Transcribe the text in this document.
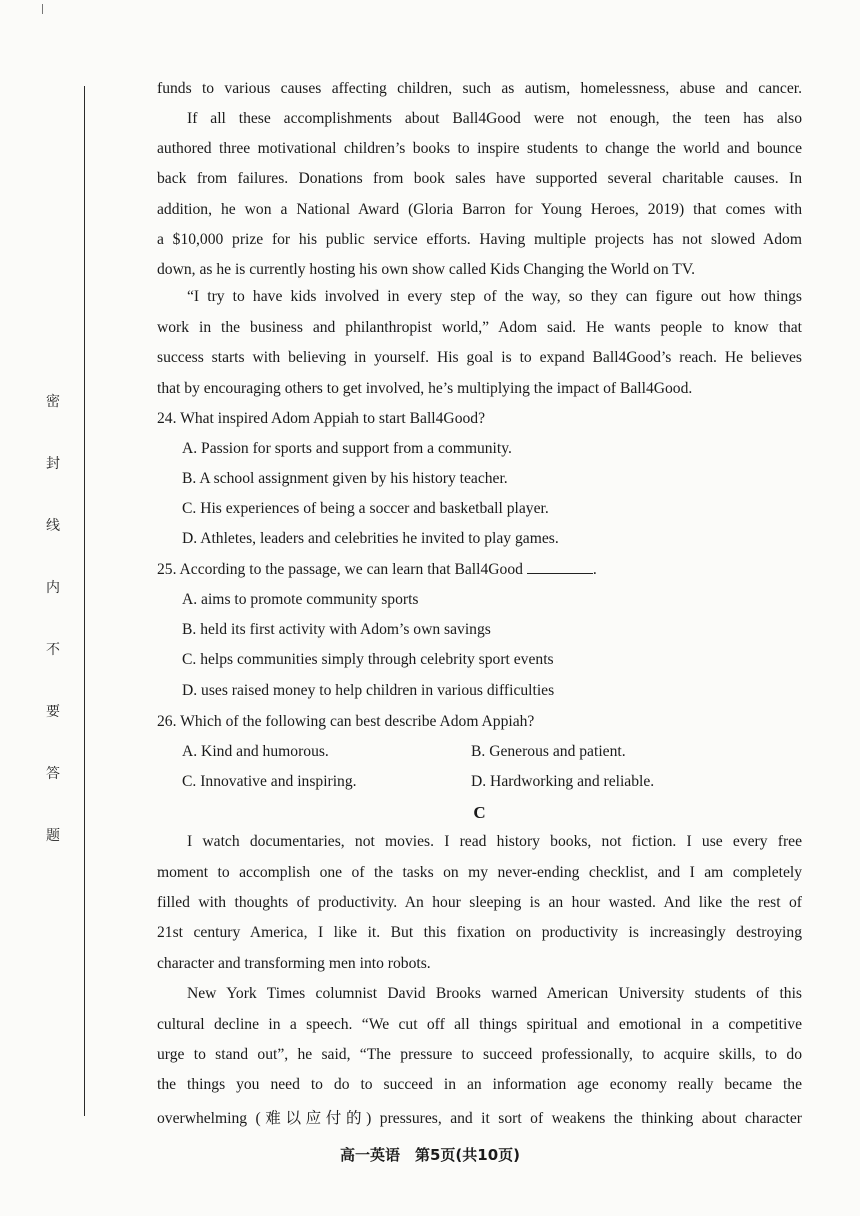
密
封
线
内
不
要
答
题
funds to various causes affecting children, such as autism, homelessness, abuse and cancer.
If all these accomplishments about Ball4Good were not enough, the teen has also
authored three motivational children’s books to inspire students to change the world and bounce
back from failures. Donations from book sales have supported several charitable causes. In
addition, he won a National Award (Gloria Barron for Young Heroes, 2019) that comes with
a $10,000 prize for his public service efforts. Having multiple projects has not slowed Adom
down, as he is currently hosting his own show called Kids Changing the World on TV.
“I try to have kids involved in every step of the way, so they can figure out how things
work in the business and philanthropist world,” Adom said. He wants people to know that
success starts with believing in yourself. His goal is to expand Ball4Good’s reach. He believes
that by encouraging others to get involved, he’s multiplying the impact of Ball4Good.
24. What inspired Adom Appiah to start Ball4Good?
A. Passion for sports and support from a community.
B. A school assignment given by his history teacher.
C. His experiences of being a soccer and basketball player.
D. Athletes, leaders and celebrities he invited to play games.
25. According to the passage, we can learn that Ball4Good	.
A. aims to promote community sports
B. held its first activity with Adom’s own savings
C. helps communities simply through celebrity sport events
D. uses raised money to help children in various difficulties
26. Which of the following can best describe Adom Appiah?
A. Kind and humorous.	B. Generous and patient.
C. Innovative and inspiring.	D. Hardworking and reliable.
C
I watch documentaries, not movies. I read history books, not fiction. I use every free
moment to accomplish one of the tasks on my never-ending checklist, and I am completely
filled with thoughts of productivity. An hour sleeping is an hour wasted. And like the rest of
21st century America, I like it. But this fixation on productivity is increasingly destroying
character and transforming men into robots.
New York Times columnist David Brooks warned American University students of this
cultural decline in a speech. “We cut off all things spiritual and emotional in a competitive
urge to stand out”, he said, “The pressure to succeed professionally, to acquire skills, to do
the things you need to do to succeed in an information age economy really became the
overwhelming (难以应付的) pressures, and it sort of weakens the thinking about character
高一英语　第5页(共10页)
